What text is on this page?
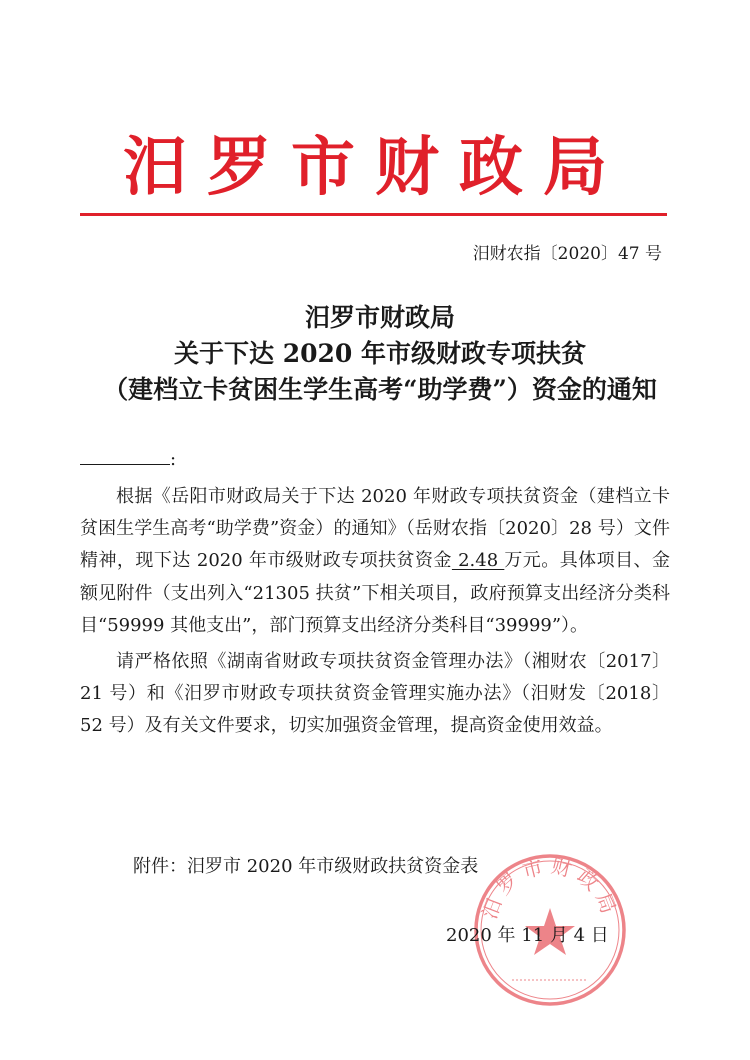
汨罗市财政局
汨财农指〔2020〕47 号
汨罗市财政局
关于下达 2020 年市级财政专项扶贫
（建档立卡贫困生学生高考“助学费”）资金的通知
:

根据《岳阳市财政局关于下达 2020 年财政专项扶贫资金（建档立卡贫困生学生高考“助学费”资金）的通知》（岳财农指〔2020〕28 号）文件精神，现下达 2020 年市级财政专项扶贫资金 2.48 万元。具体项目、金额见附件（支出列入“21305 扶贫”下相关项目，政府预算支出经济分类科目“59999 其他支出”，部门预算支出经济分类科目“39999”）。

请严格依照《湖南省财政专项扶贫资金管理办法》（湘财农〔2017〕21 号）和《汨罗市财政专项扶贫资金管理实施办法》（汨财发〔2018〕52 号）及有关文件要求，切实加强资金管理，提高资金使用效益。

附件：汨罗市 2020 年市级财政扶贫资金表
汨罗市财政局
2020 年 11 月 4 日
